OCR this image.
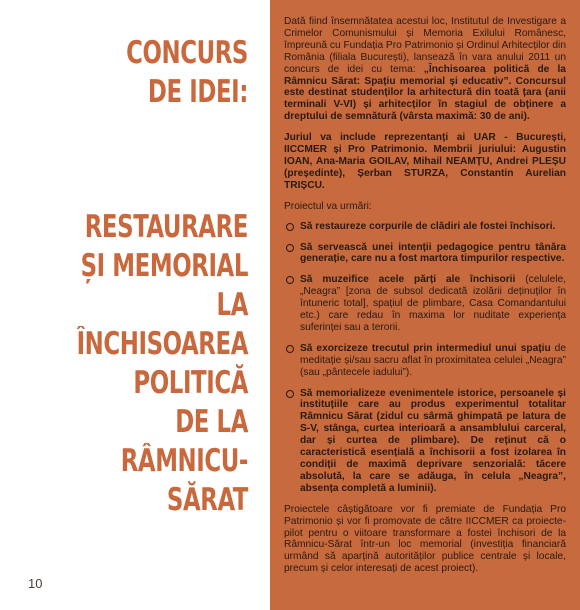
CONCURS
DE IDEI:
RESTAURARE
ȘI MEMORIAL
LA
ÎNCHISOAREA
POLITICĂ
DE LA
RÂMNICU-
SĂRAT
10

Dată fiind însemnătatea acestui loc, Institutul de Investigare a Crimelor Comunismului și Memoria Exilului Românesc, împreună cu Fundația Pro Patrimonio și Ordinul Arhitecților din România (filiala București), lansează în vara anului 2011 un concurs de idei cu tema: „Închisoarea politică de la Râmnicu Sărat: Spațiu memorial și educativ”. Concursul este destinat studenților la arhitectură din toată țara (anii terminali V-VI) și arhitecților în stagiul de obținere a dreptului de semnătură (vârsta maximă: 30 de ani).

Juriul va include reprezentanți ai UAR - București, IICCMER și Pro Patrimonio. Membrii juriului: Augustin IOAN, Ana-Maria GOILAV, Mihail NEAMȚU, Andrei PLEȘU (președinte), Șerban STURZA, Constantin Aurelian TRIȘCU.

Proiectul va urmări:

Să restaureze corpurile de clădiri ale fostei închisori.
Să servească unei intenții pedagogice pentru tânăra generație, care nu a fost martora timpurilor respective.
Să muzeifice acele părți ale închisorii (celulele, „Neagra” [zona de subsol dedicată izolării deținuților în întuneric total], spațiul de plimbare, Casa Comandantului etc.) care redau în maxima lor nuditate experiența suferinței sau a terorii.
Să exorcizeze trecutul prin intermediul unui spațiu de meditație și/sau sacru aflat în proximitatea celulei „Neagra” (sau „pântecele iadului”).
Să memorializeze evenimentele istorice, persoanele și instituțiile care au produs experimentul totalitar Râmnicu Sărat (zidul cu sârmă ghimpată pe latura de S-V, stânga, curtea interioară a ansamblului carceral, dar și curtea de plimbare). De reținut că o caracteristică esențială a închisorii a fost izolarea în condiții de maximă deprivare senzorială: tăcere absolută, la care se adăuga, în celula „Neagra”, absența completă a luminii).

Proiectele câștigătoare vor fi premiate de Fundația Pro Patrimonio și vor fi promovate de către IICCMER ca proiecte-pilot pentru o viitoare transformare a fostei închisori de la Râmnicu-Sărat într-un loc memorial (investiția financiară urmând să aparțină autorităților publice centrale și locale, precum și celor interesați de acest proiect).
